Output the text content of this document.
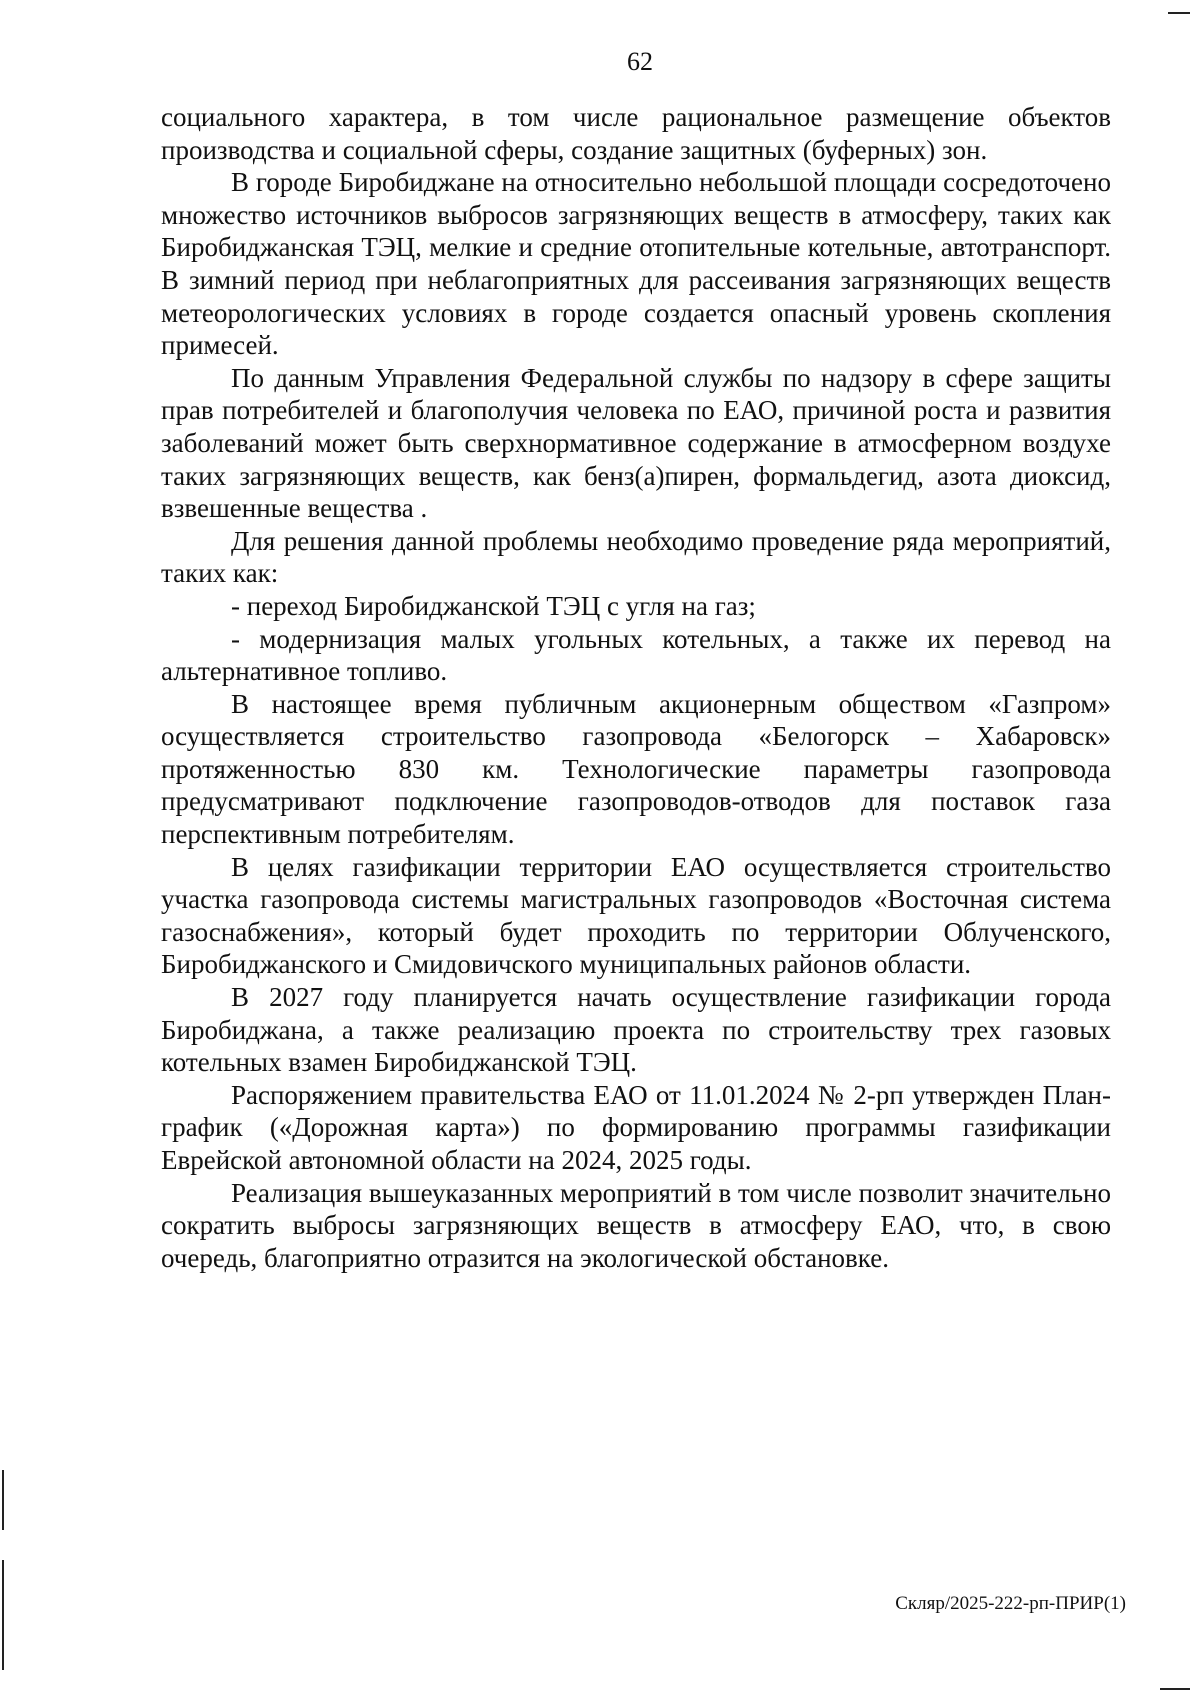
62

социального характера, в том числе рациональное размещение объектов производства и социальной сферы, создание защитных (буферных) зон.

В городе Биробиджане на относительно небольшой площади сосредоточено множество источников выбросов загрязняющих веществ в атмосферу, таких как Биробиджанская ТЭЦ, мелкие и средние отопительные котельные, автотранспорт. В зимний период при неблагоприятных для рассеивания загрязняющих веществ метеорологических условиях в городе создается опасный уровень скопления примесей.

По данным Управления Федеральной службы по надзору в сфере защиты прав потребителей и благополучия человека по ЕАО, причиной роста и развития заболеваний может быть сверхнормативное содержание в атмосферном воздухе таких загрязняющих веществ, как бенз(а)пирен, формальдегид, азота диоксид, взвешенные вещества .

Для решения данной проблемы необходимо проведение ряда мероприятий, таких как:

- переход Биробиджанской ТЭЦ с угля на газ;

- модернизация малых угольных котельных, а также их перевод на альтернативное топливо.

В настоящее время публичным акционерным обществом «Газпром» осуществляется строительство газопровода «Белогорск – Хабаровск» протяженностью 830 км. Технологические параметры газопровода предусматривают подключение газопроводов-отводов для поставок газа перспективным потребителям.

В целях газификации территории ЕАО осуществляется строительство участка газопровода системы магистральных газопроводов «Восточная система газоснабжения», который будет проходить по территории Облученского, Биробиджанского и Смидовичского муниципальных районов области.

В 2027 году планируется начать осуществление газификации города Биробиджана, а также реализацию проекта по строительству трех газовых котельных взамен Биробиджанской ТЭЦ.

Распоряжением правительства ЕАО от 11.01.2024 № 2-рп утвержден План-график («Дорожная карта») по формированию программы газификации Еврейской автономной области на 2024, 2025 годы.

Реализация вышеуказанных мероприятий в том числе позволит значительно сократить выбросы загрязняющих веществ в атмосферу ЕАО, что, в свою очередь, благоприятно отразится на экологической обстановке.

Скляр/2025-222-рп-ПРИР(1)
